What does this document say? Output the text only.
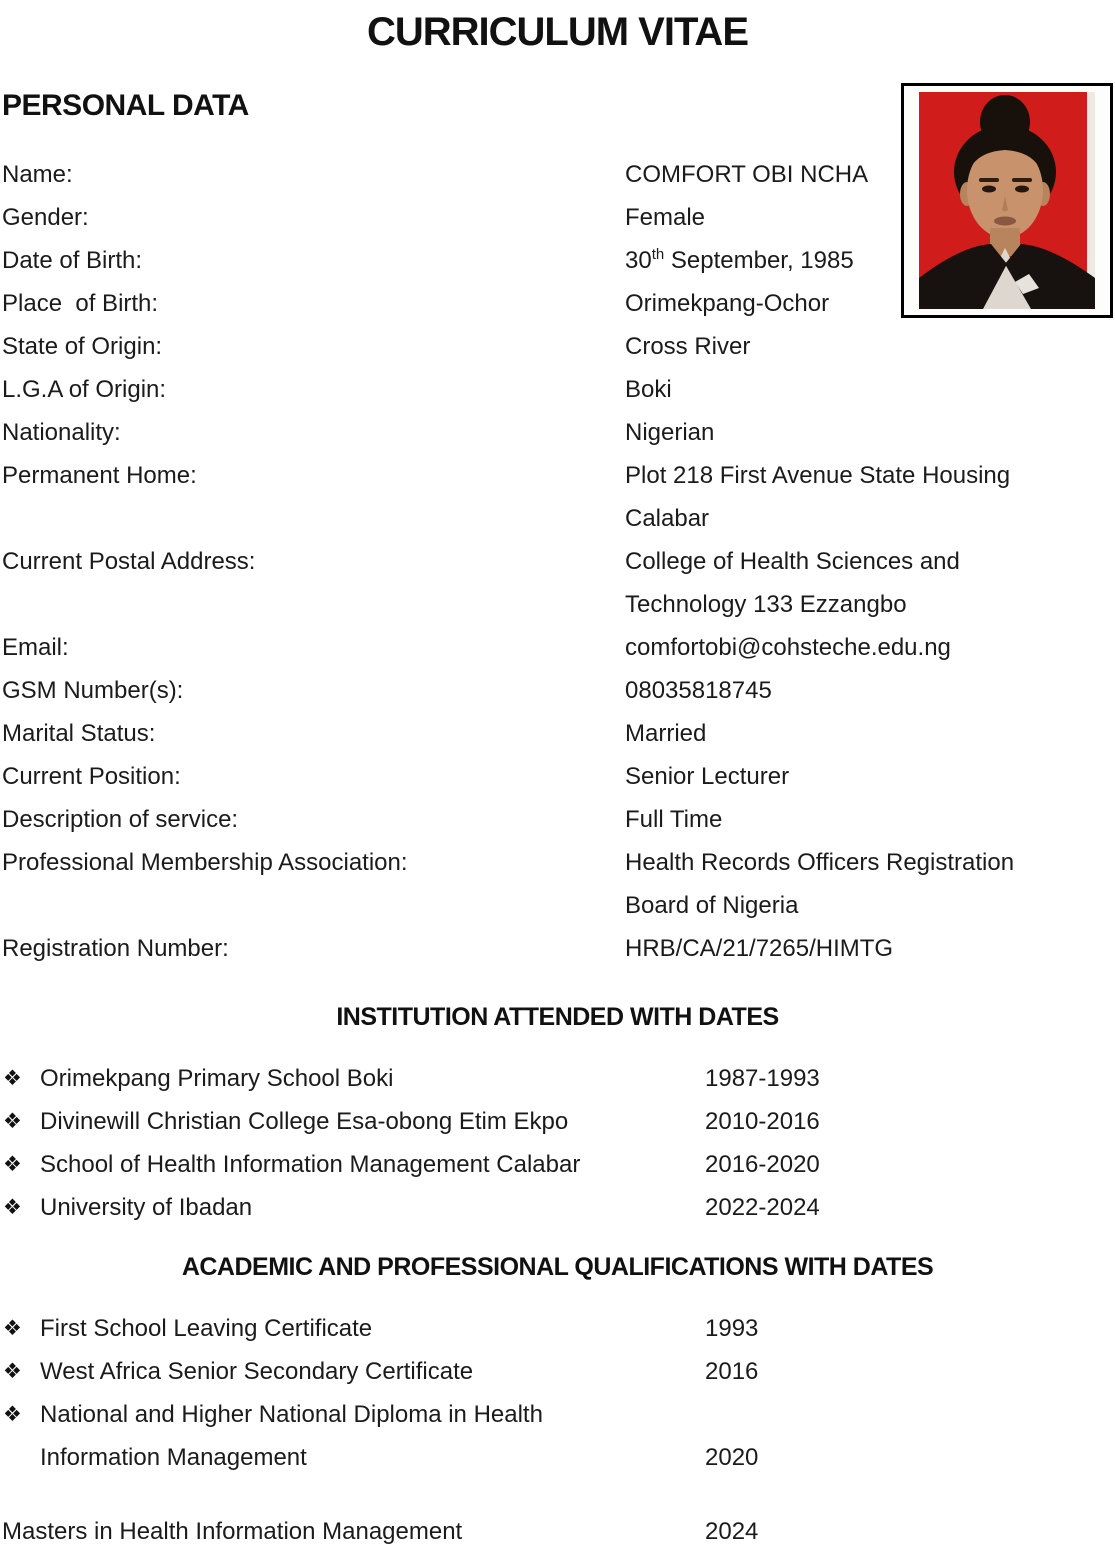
CURRICULUM VITAE
PERSONAL DATA
Name:	COMFORT OBI NCHA
Gender:	Female
Date of Birth:	30th September, 1985
Place  of Birth:	Orimekpang-Ochor
State of Origin:	Cross River
L.G.A of Origin:	Boki
Nationality:	Nigerian
Permanent Home:	Plot 218 First Avenue State Housing
Calabar
Current Postal Address:	College of Health Sciences and
Technology 133 Ezzangbo
Email:	comfortobi@cohsteche.edu.ng
GSM Number(s):	08035818745
Marital Status:	Married
Current Position:	Senior Lecturer
Description of service:	Full Time
Professional Membership Association:	Health Records Officers Registration
Board of Nigeria
Registration Number:	HRB/CA/21/7265/HIMTG
INSTITUTION ATTENDED WITH DATES
❖ Orimekpang Primary School Boki	1987-1993
❖ Divinewill Christian College Esa-obong Etim Ekpo	2010-2016
❖ School of Health Information Management Calabar	2016-2020
❖ University of Ibadan	2022-2024
ACADEMIC AND PROFESSIONAL QUALIFICATIONS WITH DATES
❖ First School Leaving Certificate	1993
❖ West Africa Senior Secondary Certificate	2016
❖ National and Higher National Diploma in Health
Information Management	2020
Masters in Health Information Management	2024
